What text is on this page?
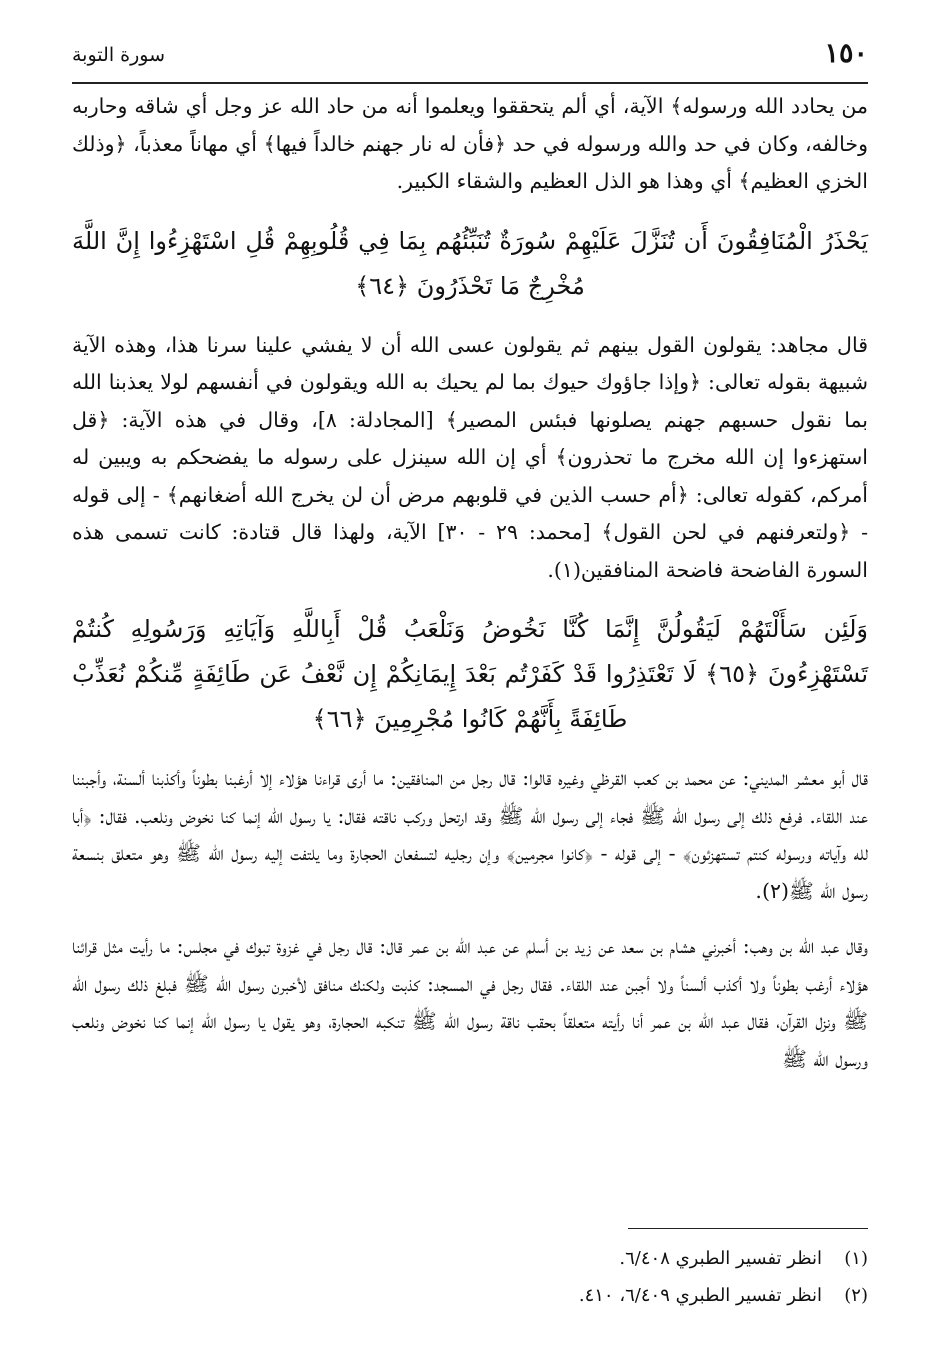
١٥٠
سورة التوبة

من يحادد الله ورسوله﴾ الآية، أي ألم يتحققوا ويعلموا أنه من حاد الله عز وجل أي شاقه وحاربه وخالفه، وكان في حد والله ورسوله في حد ﴿فأن له نار جهنم خالداً فيها﴾ أي مهاناً معذباً، ﴿وذلك الخزي العظيم﴾ أي وهذا هو الذل العظيم والشقاء الكبير.

يَحْذَرُ الْمُنَافِقُونَ أَن تُنَزَّلَ عَلَيْهِمْ سُورَةٌ تُنَبِّئُهُم بِمَا فِي قُلُوبِهِمْ قُلِ اسْتَهْزِءُوا إِنَّ اللَّهَ مُخْرِجٌ مَا تَحْذَرُونَ ﴿٦٤﴾

قال مجاهد: يقولون القول بينهم ثم يقولون عسى الله أن لا يفشي علينا سرنا هذا، وهذه الآية شبيهة بقوله تعالى: ﴿وإذا جاؤوك حيوك بما لم يحيك به الله ويقولون في أنفسهم لولا يعذبنا الله بما نقول حسبهم جهنم يصلونها فبئس المصير﴾ [المجادلة: ٨]، وقال في هذه الآية: ﴿قل استهزءوا إن الله مخرج ما تحذرون﴾ أي إن الله سينزل على رسوله ما يفضحكم به ويبين له أمركم، كقوله تعالى: ﴿أم حسب الذين في قلوبهم مرض أن لن يخرج الله أضغانهم﴾ - إلى قوله - ﴿ولتعرفنهم في لحن القول﴾ [محمد: ٢٩ - ٣٠] الآية، ولهذا قال قتادة: كانت تسمى هذه السورة الفاضحة فاضحة المنافقين(١).

وَلَئِن سَأَلْتَهُمْ لَيَقُولُنَّ إِنَّمَا كُنَّا نَخُوضُ وَنَلْعَبُ قُلْ أَبِاللَّهِ وَآيَاتِهِ وَرَسُولِهِ كُنتُمْ تَسْتَهْزِءُونَ ﴿٦٥﴾ لَا تَعْتَذِرُوا قَدْ كَفَرْتُم بَعْدَ إِيمَانِكُمْ إِن نَّعْفُ عَن طَائِفَةٍ مِّنكُمْ نُعَذِّبْ طَائِفَةً بِأَنَّهُمْ كَانُوا مُجْرِمِينَ ﴿٦٦﴾

قال أبو معشر المديني: عن محمد بن كعب القرظي وغيره قالوا: قال رجل من المنافقين: ما أرى قراءنا هؤلاء إلا أرغبنا بطوناً وأكذبنا ألسنة، وأجبننا عند اللقاء. فرفع ذلك إلى رسول الله ﷺ فجاء إلى رسول الله ﷺ وقد ارتحل وركب ناقته فقال: يا رسول الله إنما كنا نخوض ونلعب. فقال: ﴿أبا لله وآياته ورسوله كنتم تستهزئون﴾ - إلى قوله - ﴿كانوا مجرمين﴾ وإن رجليه لتسفعان الحجارة وما يلتفت إليه رسول الله ﷺ وهو متعلق بنسعة رسول الله ﷺ(٢).

وقال عبد الله بن وهب: أخبرني هشام بن سعد عن زيد بن أسلم عن عبد الله بن عمر قال: قال رجل في غزوة تبوك في مجلس: ما رأيت مثل قرائنا هؤلاء أرغب بطوناً ولا أكذب ألسناً ولا أجبن عند اللقاء. فقال رجل في المسجد: كذبت ولكنك منافق لأخبرن رسول الله ﷺ فبلغ ذلك رسول الله ﷺ ونزل القرآن، فقال عبد الله بن عمر أنا رأيته متعلقاً بحقب ناقة رسول الله ﷺ تنكبه الحجارة، وهو يقول يا رسول الله إنما كنا نخوض ونلعب ورسول الله ﷺ

(١)
انظر تفسير الطبري ٦/٤٠٨.
(٢)
انظر تفسير الطبري ٦/٤٠٩، ٤١٠.
